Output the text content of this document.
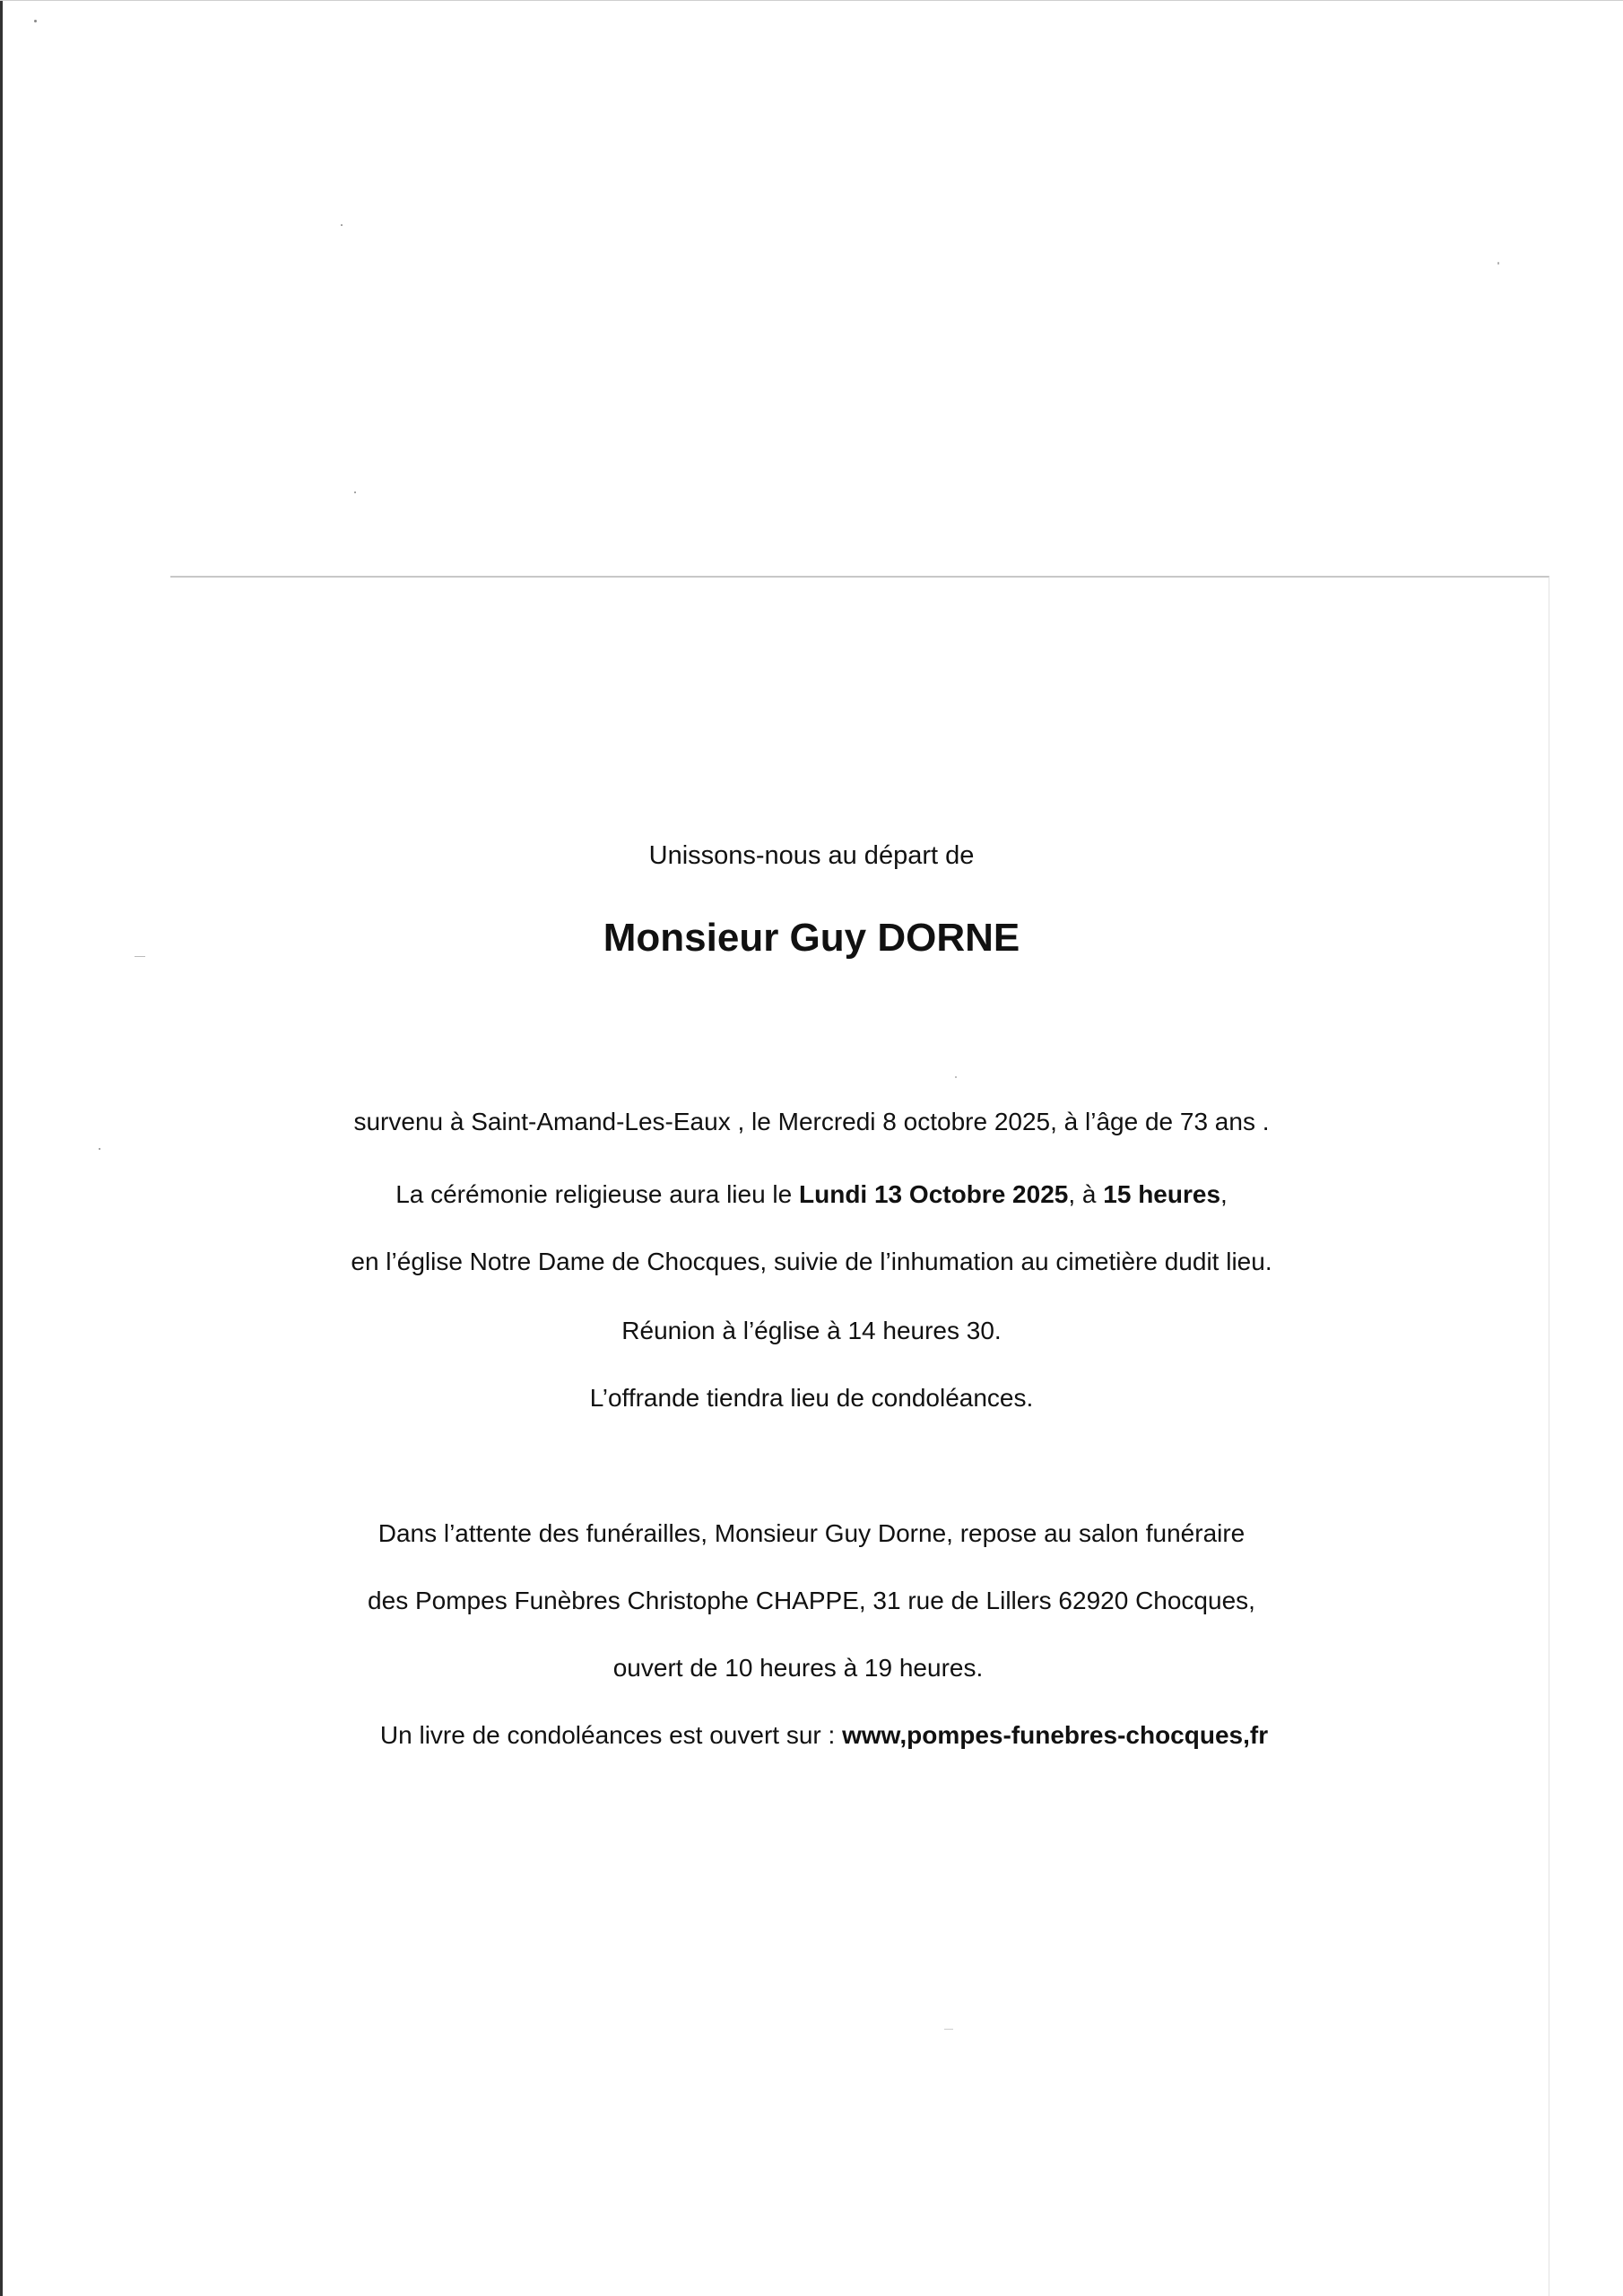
Unissons-nous au départ de
Monsieur Guy DORNE
survenu à Saint-Amand-Les-Eaux , le Mercredi 8 octobre 2025, à l’âge de 73 ans .
La cérémonie religieuse aura lieu le Lundi 13 Octobre 2025, à 15 heures,
en l’église Notre Dame de Chocques, suivie de l’inhumation au cimetière dudit lieu.
Réunion à l’église à 14 heures 30.
L’offrande tiendra lieu de condoléances.
Dans l’attente des funérailles, Monsieur Guy Dorne, repose au salon funéraire
des Pompes Funèbres Christophe CHAPPE, 31 rue de Lillers 62920 Chocques,
ouvert de 10 heures à 19 heures.
Un livre de condoléances est ouvert sur : www,pompes-funebres-chocques,fr
